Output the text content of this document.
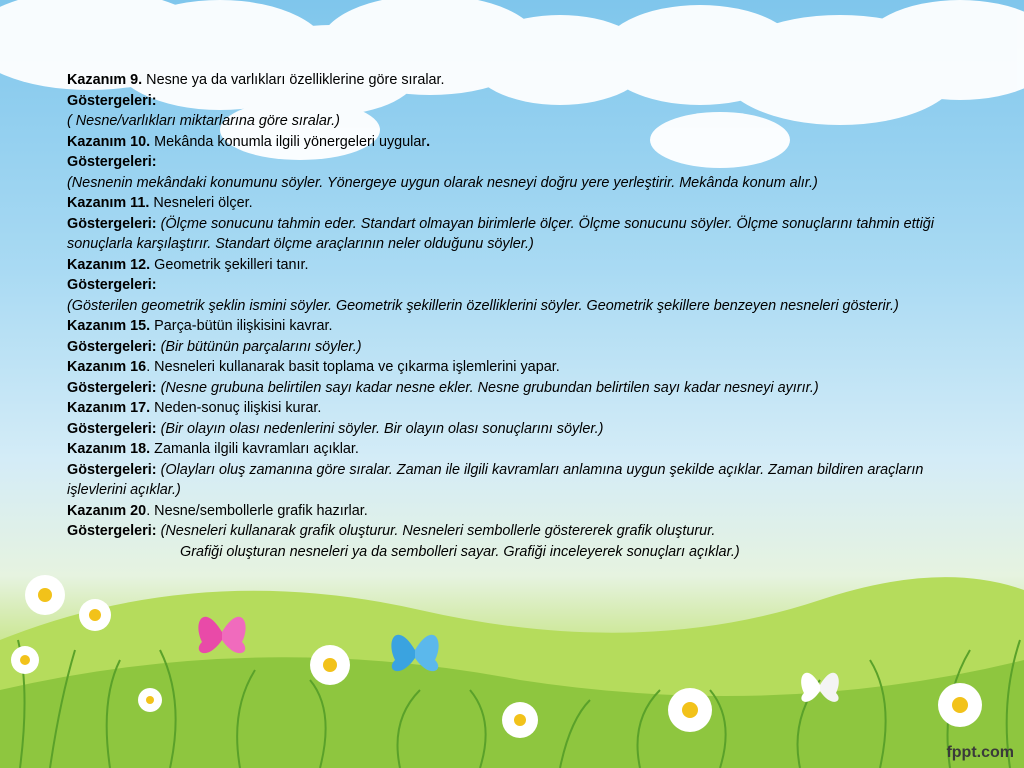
Kazanım 9. Nesne ya da varlıkları özelliklerine göre sıralar.

Göstergeleri:

( Nesne/varlıkları miktarlarına göre sıralar.)

Kazanım 10. Mekânda konumla ilgili yönergeleri uygular.

Göstergeleri:

(Nesnenin mekândaki konumunu söyler. Yönergeye uygun olarak nesneyi doğru yere yerleştirir. Mekânda konum alır.)

Kazanım 11. Nesneleri ölçer.

Göstergeleri: (Ölçme sonucunu tahmin eder. Standart olmayan birimlerle ölçer. Ölçme sonucunu söyler. Ölçme sonuçlarını tahmin ettiği sonuçlarla karşılaştırır. Standart ölçme araçlarının neler olduğunu söyler.)

Kazanım 12. Geometrik şekilleri tanır.

Göstergeleri:

(Gösterilen geometrik şeklin ismini söyler. Geometrik şekillerin özelliklerini söyler. Geometrik şekillere benzeyen nesneleri gösterir.)

Kazanım 15. Parça-bütün ilişkisini kavrar.

Göstergeleri: (Bir bütünün parçalarını söyler.)

Kazanım 16. Nesneleri kullanarak basit toplama ve çıkarma işlemlerini yapar.

Göstergeleri: (Nesne grubuna belirtilen sayı kadar nesne ekler. Nesne grubundan belirtilen sayı kadar nesneyi ayırır.)

Kazanım 17. Neden-sonuç ilişkisi kurar.

Göstergeleri: (Bir olayın olası nedenlerini söyler. Bir olayın olası sonuçlarını söyler.)

Kazanım 18. Zamanla ilgili kavramları açıklar.

Göstergeleri: (Olayları oluş zamanına göre sıralar. Zaman ile ilgili kavramları anlamına uygun şekilde açıklar. Zaman bildiren araçların işlevlerini açıklar.)

Kazanım 20. Nesne/sembollerle grafik hazırlar.

Göstergeleri: (Nesneleri kullanarak grafik oluşturur. Nesneleri sembollerle göstererek grafik oluşturur.

Grafiği oluşturan nesneleri ya da sembolleri sayar. Grafiği inceleyerek sonuçları açıklar.)

fppt.com
